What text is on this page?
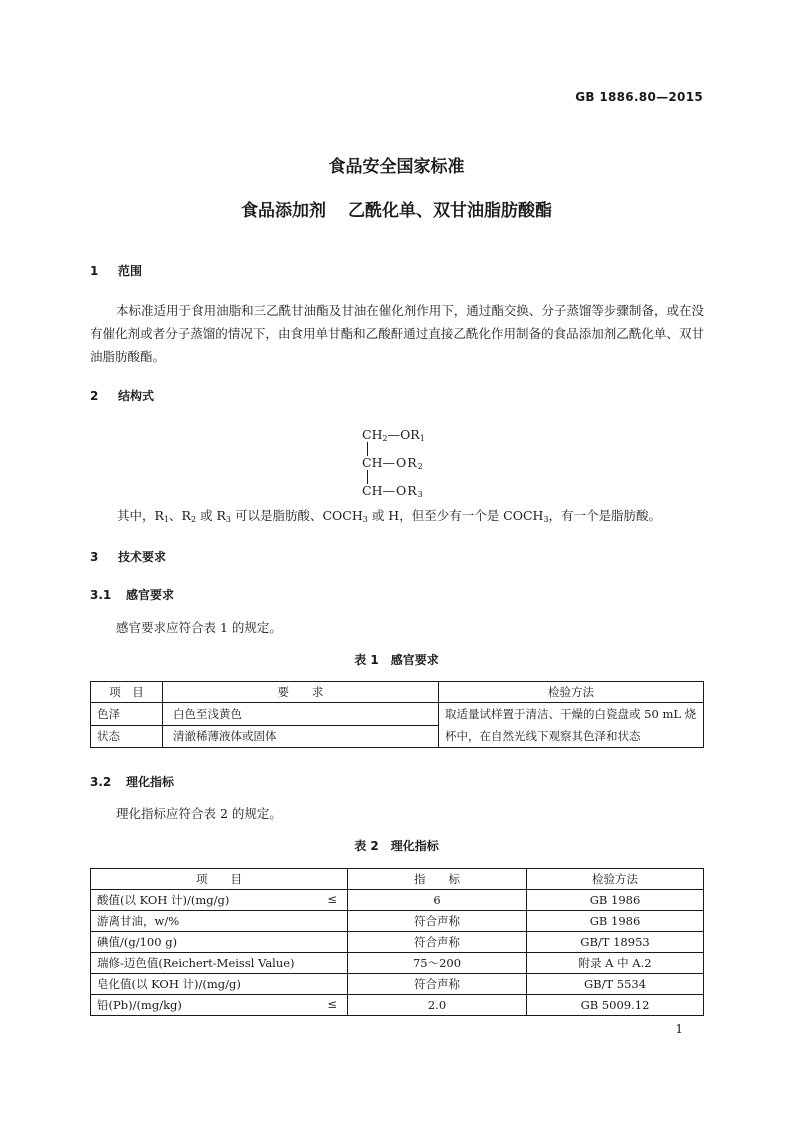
GB 1886.80—2015
食品安全国家标准
食品添加剂 乙酰化单、双甘油脂肪酸酯
1 范围
本标准适用于食用油脂和三乙酰甘油酯及甘油在催化剂作用下，通过酯交换、分子蒸馏等步骤制备，或在没有催化剂或者分子蒸馏的情况下，由食用单甘酯和乙酸酐通过直接乙酰化作用制备的食品添加剂乙酰化单、双甘油脂肪酸酯。
2 结构式
$CH_2—OR_1$
$CH—OR_2$
$CH—OR_3$
其中，$R_1$、$R_2$ 或 $R_3$ 可以是脂肪酸、$COCH_3$ 或 H，但至少有一个是 $COCH_3$，有一个是脂肪酸。
3 技术要求
3.1 感官要求
感官要求应符合表 1 的规定。
表 1 感官要求
项　目	要　　求	检验方法
色泽	白色至浅黄色	取适量试样置于清洁、干燥的白瓷盘或 50 mL 烧
杯中，在自然光线下观察其色泽和状态

状态	清澈稀薄液体或固体	
3.2 理化指标
理化指标应符合表 2 的规定。
表 2 理化指标
项　　目	指　　标	检验方法
酸值(以 KOH 计)/(mg/g) ≤	6	GB 1986
游离甘油，w/%	符合声称	GB 1986
碘值/(g/100 g)	符合声称	GB/T 18953
瑞修-迈色值(Reichert-Meissl Value)	75～200	附录 A 中 A.2
皂化值(以 KOH 计)/(mg/g)	符合声称	GB/T 5534
铅(Pb)/(mg/kg) ≤	2.0	GB 5009.12
1
